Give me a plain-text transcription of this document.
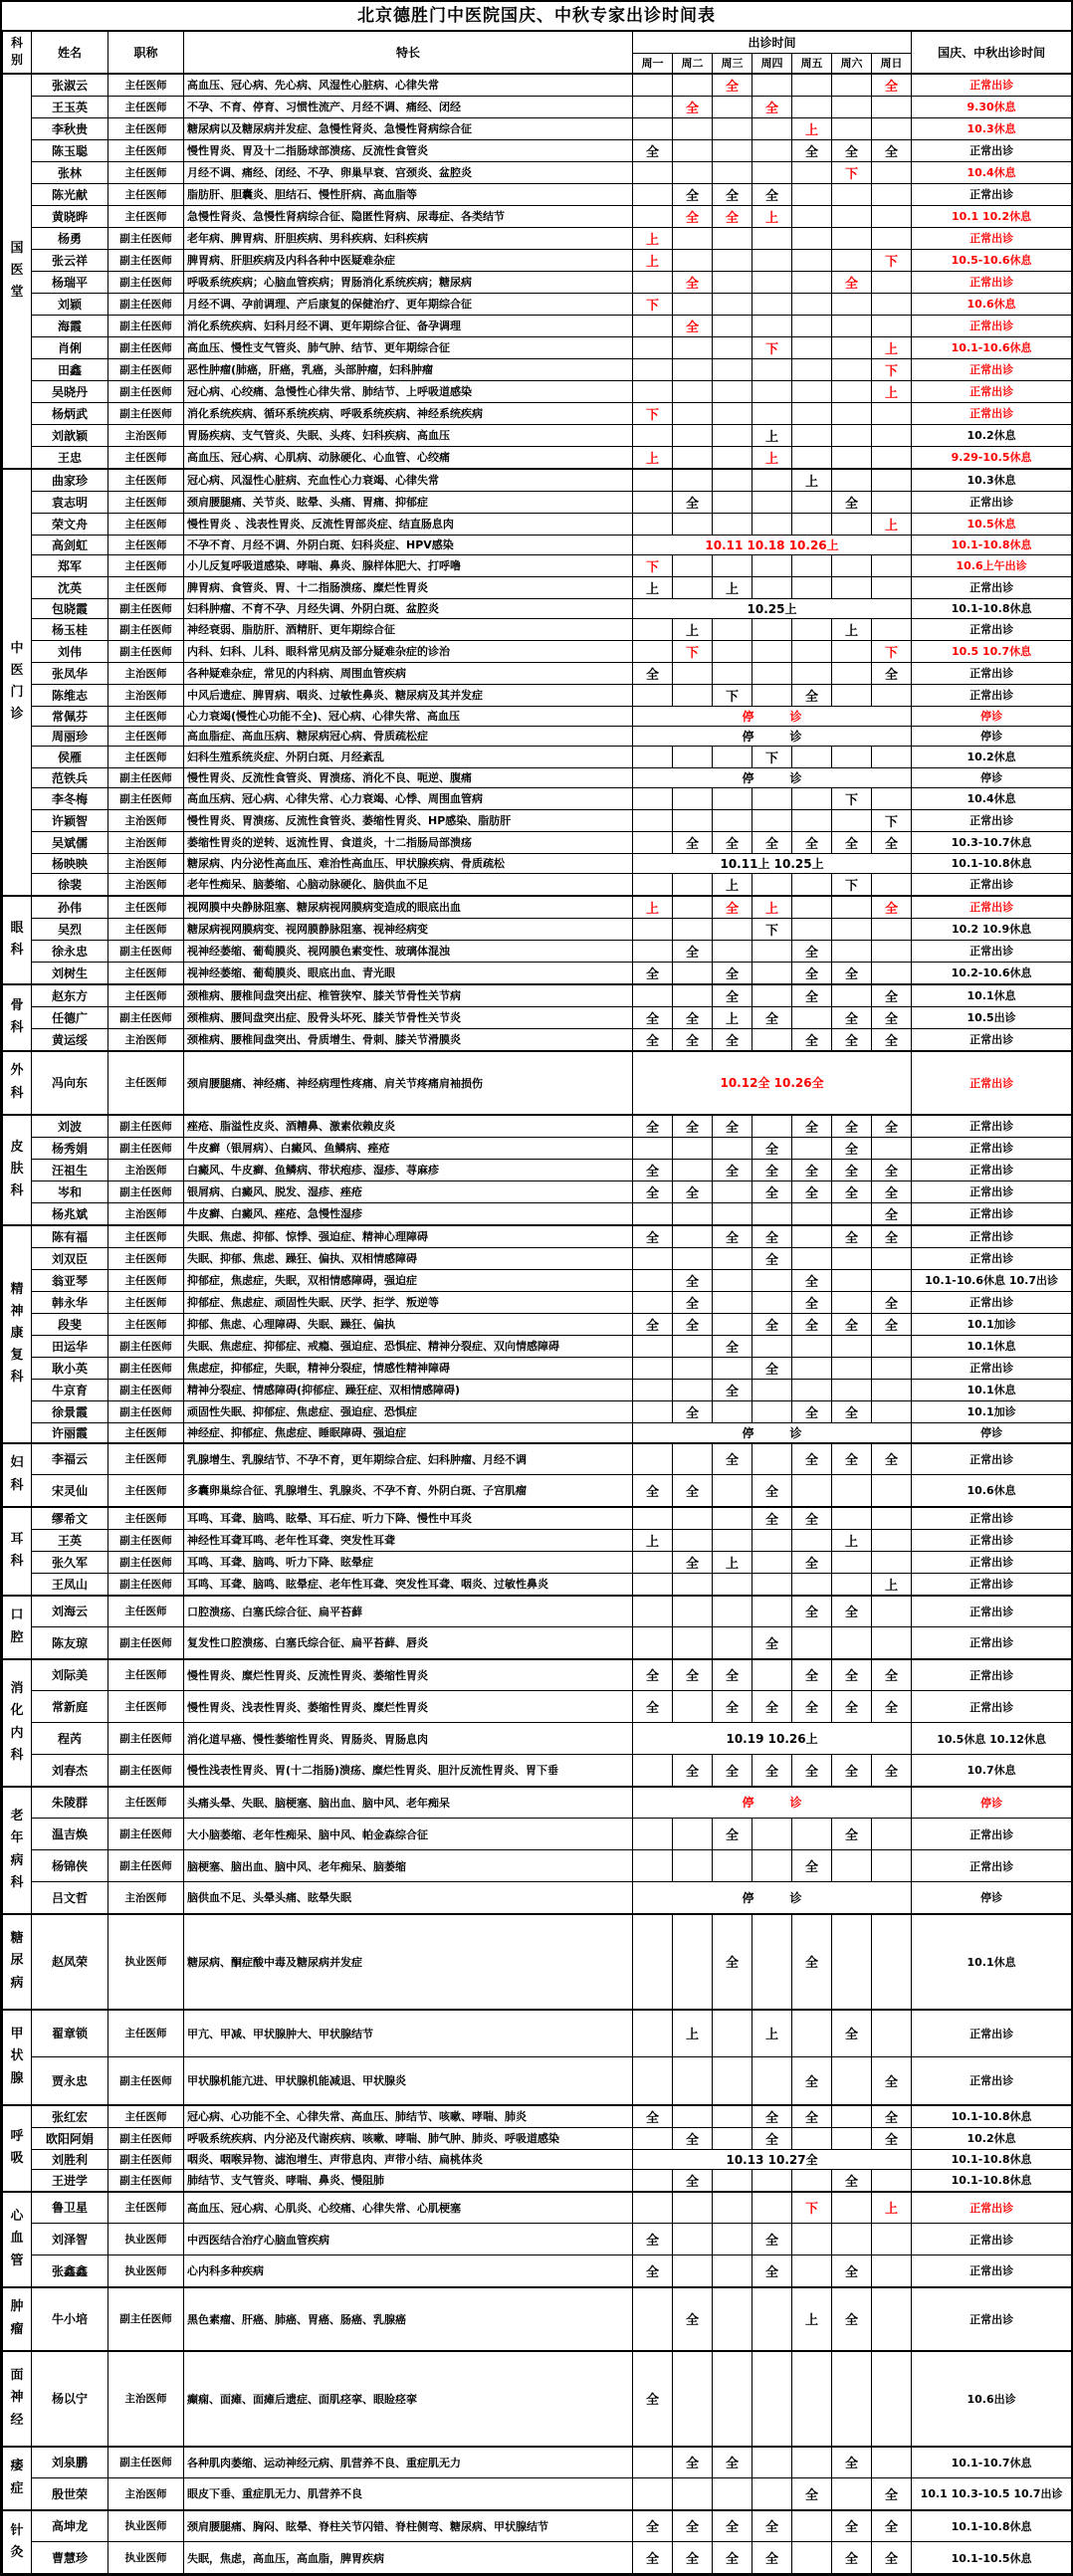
北京德胜门中医院国庆、中秋专家出诊时间表
科别	姓名	职称	特长	出诊时间							国庆、中秋出诊时间
				周一	周二	周三	周四	周五	周六	周日	

国医堂	张淑云	主任医师	高血压、冠心病、先心病、风湿性心脏病、心律失常			全				全	正常出诊
	王玉英	主任医师	不孕、不育、停育、习惯性流产、月经不调、痛经、闭经		全		全				9.30休息
	李秋贵	主任医师	糖尿病以及糖尿病并发症、急慢性肾炎、急慢性肾病综合征					上			10.3休息
	陈玉聪	主任医师	慢性胃炎、胃及十二指肠球部溃疡、反流性食管炎	全				全	全	全	正常出诊
	张林	主任医师	月经不调、痛经、闭经、不孕、卵巢早衰、宫颈炎、盆腔炎						下		10.4休息
	陈光献	主任医师	脂肪肝、胆囊炎、胆结石、慢性肝病、高血脂等		全	全	全				正常出诊
	黄晓晔	主任医师	急慢性肾炎、急慢性肾病综合征、隐匿性肾病、尿毒症、各类结节		全	全	上				10.1 10.2休息
	杨勇	副主任医师	老年病、脾胃病、肝胆疾病、男科疾病、妇科疾病	上							正常出诊
	张云祥	副主任医师	脾胃病、肝胆疾病及内科各种中医疑难杂症	上						下	10.5-10.6休息
	杨瑞平	副主任医师	呼吸系统疾病；心脑血管疾病；胃肠消化系统疾病；糖尿病		全				全		正常出诊
	刘颖	副主任医师	月经不调、孕前调理、产后康复的保健治疗、更年期综合征	下							10.6休息
	海霞	副主任医师	消化系统疾病、妇科月经不调、更年期综合征、备孕调理		全						正常出诊
	肖俐	副主任医师	高血压、慢性支气管炎、肺气肿、结节、更年期综合征				下			上	10.1-10.6休息
	田鑫	副主任医师	恶性肿瘤(肺癌，肝癌，乳癌，头部肿瘤，妇科肿瘤							下	正常出诊
	吴晓丹	副主任医师	冠心病、心绞痛、急慢性心律失常、肺结节、上呼吸道感染							上	正常出诊
	杨炳武	副主任医师	消化系统疾病、循环系统疾病、呼吸系统疾病、神经系统疾病	下							正常出诊
	刘歆颖	主治医师	胃肠疾病、支气管炎、失眠、头疼、妇科疾病、高血压				上				10.2休息
	王忠	主任医师	高血压、冠心病、心肌病、动脉硬化、心血管、心绞痛	上			上				9.29-10.5休息

中医门诊	曲家珍	主任医师	冠心病、风湿性心脏病、充血性心力衰竭、心律失常					上			10.3休息
	袁志明	主任医师	颈肩腰腿痛、关节炎、眩晕、头痛、胃痛、抑郁症		全				全		正常出诊
	荣文舟	主任医师	慢性胃炎 、浅表性胃炎、反流性胃部炎症、结直肠息肉							上	10.5休息
	高剑虹	主任医师	不孕不育、月经不调、外阴白斑、妇科炎症、HPV感染	10.11 10.18 10.26上							10.1-10.8休息
	郑军	主任医师	小儿反复呼吸道感染、哮喘、鼻炎、腺样体肥大、打呼噜	下							10.6上午出诊
	沈英	主任医师	脾胃病、食管炎、胃、十二指肠溃疡、糜烂性胃炎	上		上					正常出诊
	包晓霞	副主任医师	妇科肿瘤、不育不孕、月经失调、外阴白斑、盆腔炎	10.25上							10.1-10.8休息
	杨玉桂	副主任医师	神经衰弱、脂肪肝、酒精肝、更年期综合征		上				上		正常出诊
	刘伟	副主任医师	内科、妇科、儿科、眼科常见病及部分疑难杂症的诊治		下					下	10.5 10.7休息
	张凤华	主治医师	各种疑难杂症，常见的内科病、周围血管疾病	全						全	正常出诊
	陈维志	主治医师	中风后遗症、脾胃病、咽炎、过敏性鼻炎、糖尿病及其并发症			下		全			正常出诊
	常佩芬	主任医师	心力衰竭(慢性心功能不全)、冠心病、心律失常、高血压	停　　　诊							停诊
	周丽珍	主任医师	高血脂症、高血压病、糖尿病冠心病、骨质疏松症	停　　　诊							停诊
	侯雁	主任医师	妇科生殖系统炎症、外阴白斑、月经紊乱				下				10.2休息
	范铁兵	副主任医师	慢性胃炎、反流性食管炎、胃溃疡、消化不良、呃逆、腹痛	停　　　诊							停诊
	李冬梅	副主任医师	高血压病、冠心病、心律失常、心力衰竭、心悸、周围血管病						下		10.4休息
	许颖智	主治医师	慢性胃炎、胃溃疡、反流性食管炎、萎缩性胃炎、HP感染、脂肪肝							下	正常出诊
	吴斌儒	主治医师	萎缩性胃炎的逆转、返流性胃、食道炎，十二指肠局部溃疡		全	全	全	全	全	全	10.3-10.7休息
	杨映映	主治医师	糖尿病、内分泌性高血压、难治性高血压、甲状腺疾病、骨质疏松	10.11上 10.25上							10.1-10.8休息
	徐裴	主治医师	老年性痴呆、脑萎缩、心脑动脉硬化、脑供血不足			上			下		正常出诊

眼科	孙伟	主任医师	视网膜中央静脉阻塞、糖尿病视网膜病变造成的眼底出血	上		全	上			全	正常出诊
	吴烈	主任医师	糖尿病视网膜病变、视网膜静脉阻塞、视神经病变				下				10.2 10.9休息
	徐永忠	副主任医师	视神经萎缩、葡萄膜炎、视网膜色素变性、玻璃体混浊		全			全			正常出诊
	刘树生	主任医师	视神经萎缩、葡萄膜炎、眼底出血、青光眼	全		全		全	全		10.2-10.6休息

骨科	赵东方	主任医师	颈椎病、腰椎间盘突出症、椎管狭窄、膝关节骨性关节病			全		全		全	10.1休息
	任德广	副主任医师	颈椎病、腰间盘突出症、股骨头坏死、膝关节骨性关节炎	全	全	上	全		全	全	10.5出诊
	黄运绥	主治医师	颈椎病、腰椎间盘突出、骨质增生、骨刺、膝关节滑膜炎	全	全	全		全	全	全	正常出诊

外科	冯向东	主任医师	颈肩腰腿痛、神经痛、神经病理性疼痛、肩关节疼痛肩袖损伤	10.12全 10.26全							正常出诊

皮肤科	刘波	副主任医师	痤疮、脂溢性皮炎、酒糟鼻、激素依赖皮炎	全	全	全		全	全	全	正常出诊
	杨秀娟	副主任医师	牛皮癣（银屑病）、白癜风、鱼鳞病、痤疮				全		全		正常出诊
	汪祖生	主治医师	白癜风、牛皮癣、鱼鳞病、带状疱疹、湿疹、荨麻疹	全		全	全	全	全	全	正常出诊
	岑和	副主任医师	银屑病、白癜风、脱发、湿疹、痤疮	全	全		全	全	全	全	正常出诊
	杨兆斌	主治医师	牛皮癣、白癜风、痤疮、急慢性湿疹							全	正常出诊

精神康复科	陈有福	主任医师	失眠、焦虑、抑郁、惊悸、强迫症、精神心理障碍	全		全	全		全	全	正常出诊
	刘双臣	主任医师	失眠、抑郁、焦虑、躁狂、偏执、双相情感障碍				全				正常出诊
	翁亚琴	主任医师	抑郁症，焦虑症，失眠，双相情感障碍，强迫症		全			全			10.1-10.6休息 10.7出诊
	韩永华	主任医师	抑郁症、焦虑症、顽固性失眠、厌学、拒学、叛逆等		全			全		全	正常出诊
	段斐	主任医师	抑郁、焦虑、心理障碍、失眠、躁狂、偏执	全	全		全	全	全	全	10.1加诊
	田运华	副主任医师	失眠、焦虑症、抑郁症、戒瘾、强迫症、恐惧症、精神分裂症、双向情感障碍			全					10.1休息
	耿小英	副主任医师	焦虑症，抑郁症，失眠，精神分裂症，情感性精神障碍				全				正常出诊
	牛京育	副主任医师	精神分裂症、情感障碍(抑郁症、躁狂症、双相情感障碍)			全					10.1休息
	徐景霞	副主任医师	顽固性失眠、抑郁症、焦虑症、强迫症、恐惧症		全			全	全		10.1加诊
	许丽霞	主任医师	神经症、抑郁症、焦虑症、睡眠障碍、强迫症	停　　　诊							停诊

妇科	李福云	主任医师	乳腺增生、乳腺结节、不孕不育，更年期综合症、妇科肿瘤、月经不调			全		全	全	全	正常出诊
	宋灵仙	主任医师	多囊卵巢综合征、乳腺增生、乳腺炎、不孕不育、外阴白斑、子宫肌瘤	全	全		全				10.6休息

耳科	缪希文	主任医师	耳鸣、耳聋、脑鸣、眩晕、耳石症、听力下降、慢性中耳炎				全	全			正常出诊
	王英	副主任医师	神经性耳聋耳鸣、老年性耳聋、突发性耳聋	上					上		正常出诊
	张久军	副主任医师	耳鸣、耳聋、脑鸣、听力下降、眩晕症		全	上		全			正常出诊
	王凤山	副主任医师	耳鸣、耳聋、脑鸣、眩晕症、老年性耳聋、突发性耳聋、咽炎、过敏性鼻炎							上	正常出诊

口腔	刘海云	主任医师	口腔溃疡、白塞氏综合征、扁平苔藓					全	全		正常出诊
	陈友琼	副主任医师	复发性口腔溃疡、白塞氏综合征、扁平苔藓、唇炎				全				正常出诊

消化内科	刘际美	主任医师	慢性胃炎、糜烂性胃炎、反流性胃炎、萎缩性胃炎	全	全	全		全	全	全	正常出诊
	常新庭	主任医师	慢性胃炎、浅表性胃炎、萎缩性胃炎、糜烂性胃炎	全		全	全	全	全	全	正常出诊
	程芮	副主任医师	消化道早癌、慢性萎缩性胃炎、胃肠炎、胃肠息肉	10.19 10.26上							10.5休息 10.12休息
	刘春杰	副主任医师	慢性浅表性胃炎、胃(十二指肠)溃疡、糜烂性胃炎、胆汁反流性胃炎、胃下垂		全	全	全	全	全	全	10.7休息

老年病科	朱陵群	主任医师	头痛头晕、失眠、脑梗塞、脑出血、脑中风、老年痴呆	停　　　诊							停诊
	温吉焕	副主任医师	大小脑萎缩、老年性痴呆、脑中风、帕金森综合征			全			全		正常出诊
	杨锦侠	副主任医师	脑梗塞、脑出血、脑中风、老年痴呆、脑萎缩					全			正常出诊
	吕文哲	主治医师	脑供血不足、头晕头痛、眩晕失眠	停　　　诊							停诊

糖尿病	赵凤荣	执业医师	糖尿病、酮症酸中毒及糖尿病并发症			全		全			10.1休息

甲状腺	翟章锁	主任医师	甲亢、甲减、甲状腺肿大、甲状腺结节		上		上		全		正常出诊
	贾永忠	副主任医师	甲状腺机能亢进、甲状腺机能减退、甲状腺炎					全		全	正常出诊

呼吸	张红宏	主任医师	冠心病、心功能不全、心律失常、高血压、肺结节、咳嗽、哮喘、肺炎	全			全	全		全	10.1-10.8休息
	欧阳阿娟	副主任医师	呼吸系统疾病、内分泌及代谢疾病、咳嗽、哮喘、肺气肿、肺炎、呼吸道感染		全		全			全	10.2休息
	刘胜利	副主任医师	咽炎、咽喉异物、滤泡增生、声带息肉、声带小结、扁桃体炎	10.13 10.27全							10.1-10.8休息
	王进学	副主任医师	肺结节、支气管炎、哮喘、鼻炎、慢阻肺		全				全		10.1-10.8休息

心血管	鲁卫星	主任医师	高血压、冠心病、心肌炎、心绞痛、心律失常、心肌梗塞					下		上	正常出诊
	刘泽智	执业医师	中西医结合治疗心脑血管疾病	全			全				正常出诊
	张鑫鑫	执业医师	心内科多种疾病	全			全		全		正常出诊

肿瘤	牛小培	副主任医师	黑色素瘤、肝癌、肺癌、胃癌、肠癌、乳腺癌		全			上	全		正常出诊

面神经	杨以宁	主治医师	癫痫、面瘫、面瘫后遗症、面肌痉挛、眼睑痉挛	全							10.6出诊

痿症	刘泉鹏	副主任医师	各种肌肉萎缩、运动神经元病、肌营养不良、重症肌无力		全	全			全		10.1-10.7休息
	殷世荣	主治医师	眼皮下垂、重症肌无力、肌营养不良					全		全	10.1 10.3-10.5 10.7出诊

针灸	高坤龙	执业医师	颈肩腰腿痛、胸闷、眩晕、脊柱关节闪错、脊柱侧弯、糖尿病、甲状腺结节	全	全	全	全		全	全	10.1-10.8休息
	曹慧珍	执业医师	失眠，焦虑，高血压，高血脂，脾胃疾病	全	全	全	全		全	全	10.1-10.5休息
